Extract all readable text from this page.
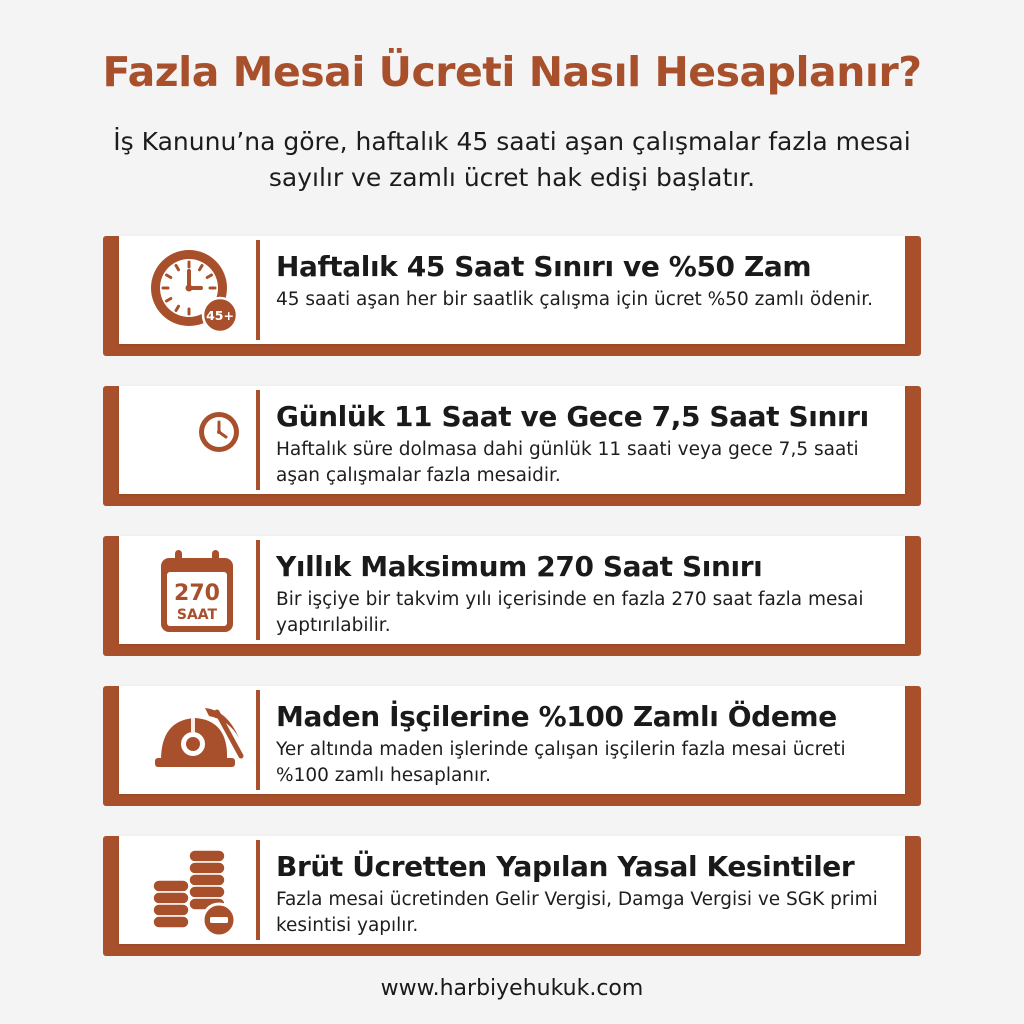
Fazla Mesai Ücreti Nasıl Hesaplanır?

İş Kanunu’na göre, haftalık 45 saati aşan çalışmalar fazla mesai sayılır ve zamlı ücret hak edişi başlatır.

45+

Haftalık 45 Saat Sınırı ve %50 Zam

45 saati aşan her bir saatlik çalışma için ücret %50 zamlı ödenir.

Günlük 11 Saat ve Gece 7,5 Saat Sınırı

Haftalık süre dolmasa dahi günlük 11 saati veya gece 7,5 saati aşan çalışmalar fazla mesaidir.

270
SAAT

Yıllık Maksimum 270 Saat Sınırı

Bir işçiye bir takvim yılı içerisinde en fazla 270 saat fazla mesai yaptırılabilir.

Maden İşçilerine %100 Zamlı Ödeme

Yer altında maden işlerinde çalışan işçilerin fazla mesai ücreti %100 zamlı hesaplanır.

Brüt Ücretten Yapılan Yasal Kesintiler

Fazla mesai ücretinden Gelir Vergisi, Damga Vergisi ve SGK primi kesintisi yapılır.

www.harbiyehukuk.com
